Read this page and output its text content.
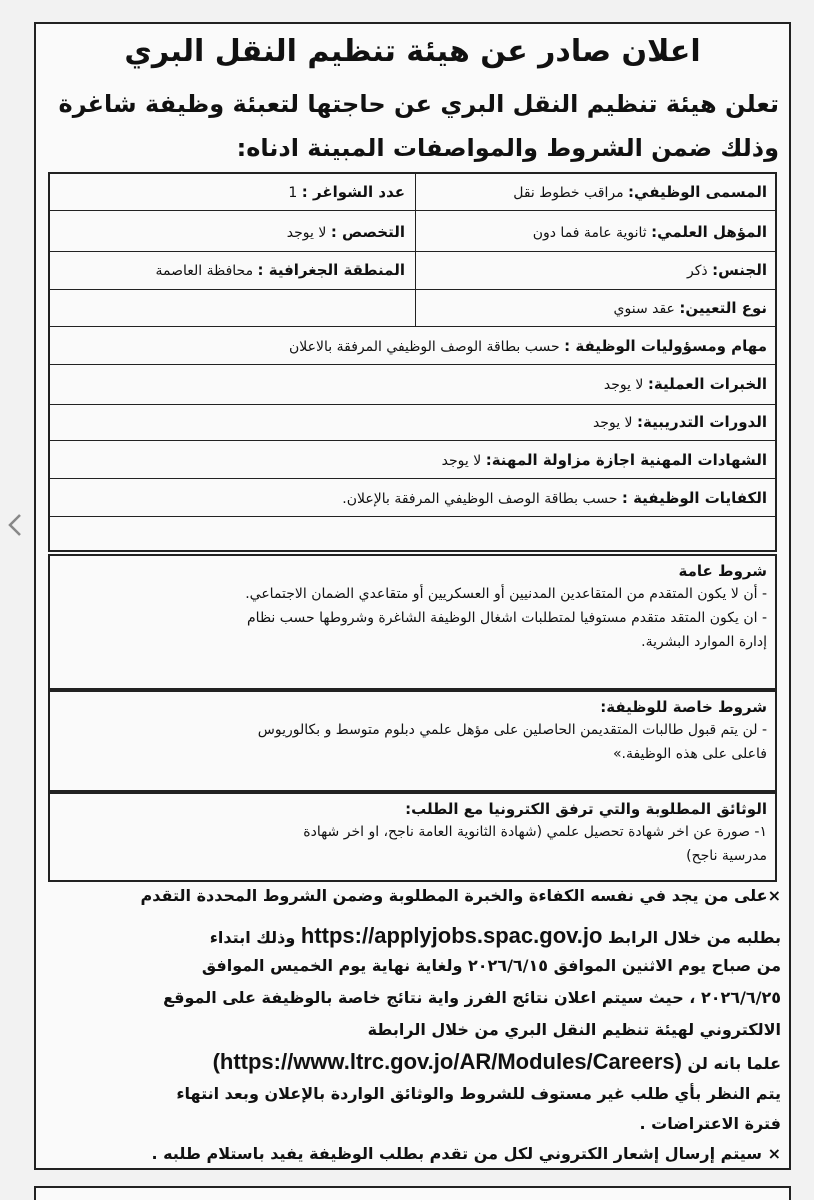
اعلان صادر عن هيئة تنظيم النقل البري
تعلن هيئة تنظيم النقل البري عن حاجتها لتعبئة وظيفة شاغرة وذلك ضمن الشروط والمواصفات المبينة ادناه:
المسمى الوظيفي: مراقب خطوط نقل
عدد الشواغر : 1
المؤهل العلمي: ثانوية عامة فما دون
التخصص : لا يوجد
الجنس: ذكر
المنطقة الجغرافية : محافظة العاصمة
نوع التعيين: عقد سنوي
مهام ومسؤوليات الوظيفة : حسب بطاقة الوصف الوظيفي المرفقة بالاعلان
الخبرات العملية: لا يوجد
الدورات التدريبية: لا يوجد
الشهادات المهنية اجازة مزاولة المهنة: لا يوجد
الكفايات الوظيفية : حسب بطاقة الوصف الوظيفي المرفقة بالإعلان.
شروط عامة
- أن لا يكون المتقدم من المتقاعدين المدنيين أو العسكريين أو متقاعدي الضمان الاجتماعي.
- ان يكون المتقد متقدم مستوفيا لمتطلبات اشغال الوظيفة الشاغرة وشروطها حسب نظام
إدارة الموارد البشرية.
شروط خاصة للوظيفة:
- لن يتم قبول طالبات المتقديمن الحاصلين على مؤهل علمي دبلوم متوسط و بكالوريوس
فاعلى على هذه الوظيفة.»
الوثائق المطلوبة والتي ترفق الكترونيا مع الطلب:
١- صورة عن اخر شهادة تحصيل علمي (شهادة الثانوية العامة ناجح، او اخر شهادة
مدرسية ناجح)
×على من يجد في نفسه الكفاءة والخبرة المطلوبة وضمن الشروط المحددة التقدم
بطلبه من خلال الرابط https://applyjobs.spac.gov.jo وذلك ابتداء
من صباح يوم الاثنين الموافق ٢٠٢٦/٦/١٥ ولغاية نهاية يوم الخميس الموافق
٢٠٢٦/٦/٢٥ ، حيث سيتم اعلان نتائج الفرز واية نتائج خاصة بالوظيفة على الموقع
الالكتروني لهيئة تنظيم النقل البري من خلال الرابطة
علما بانه لن (https://www.ltrc.gov.jo/AR/Modules/Careers)
يتم النظر بأي طلب غير مستوف للشروط والوثائق الواردة بالإعلان وبعد انتهاء
فترة الاعتراضات .
× سيتم إرسال إشعار الكتروني لكل من تقدم بطلب الوظيفة يفيد باستلام طلبه .
